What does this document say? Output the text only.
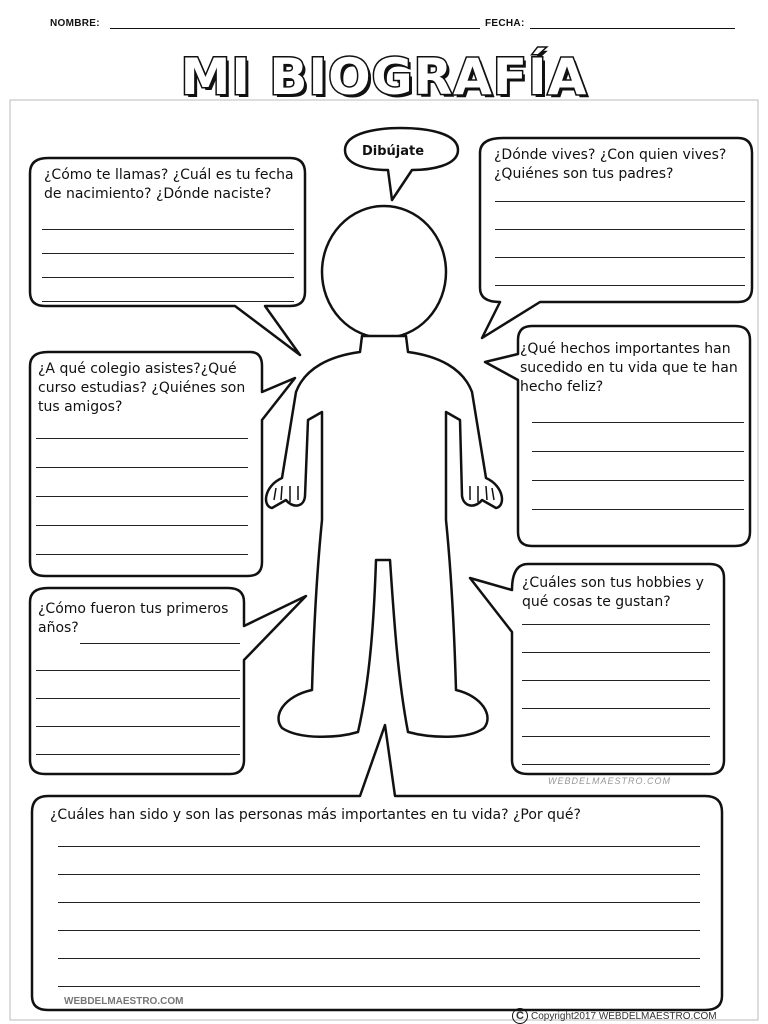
NOMBRE:	FECHA:
MI BIOGRAFÍA
Dibújate
¿Cómo te llamas? ¿Cuál es tu fecha de nacimiento? ¿Dónde naciste?
¿Dónde vives? ¿Con quien vives? ¿Quiénes son tus padres?
¿A qué colegio asistes?¿Qué curso estudias? ¿Quiénes son tus amigos?
¿Qué hechos importantes han sucedido en tu vida que te han hecho feliz?
¿Cómo fueron tus primeros años?
¿Cuáles son tus hobbies y qué cosas te gustan?
¿Cuáles han sido y son las personas más importantes en tu vida? ¿Por qué?
WEBDELMAESTRO.COM
WEBDELMAESTRO.COM
C Copyright2017 WEBDELMAESTRO.COM
